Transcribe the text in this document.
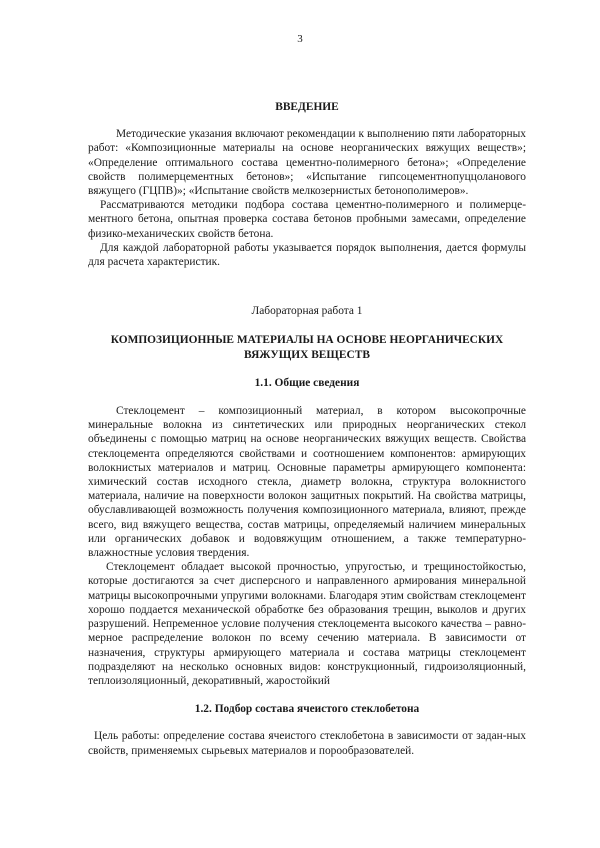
3
ВВЕДЕНИЕ

Методические указания включают рекомендации к выполнению пяти лабораторных работ: «Композиционные материалы на основе неорганических вяжущих веществ»; «Определение оптимального состава цементно-полимерного бетона»; «Определение свойств полимерцементных бетонов»; «Испытание гипсоцементнопуццоланового вяжущего (ГЦПВ)»; «Испытание свойств мелкозернистых бетонополимеров».

Рассматриваются методики подбора состава цементно-полимерного и полимерце-ментного бетона, опытная проверка состава бетонов пробными замесами, определение физико-механических свойств бетона.

Для каждой лабораторной работы указывается порядок выполнения, дается формулы для расчета характеристик.

Лабораторная работа 1
КОМПОЗИЦИОННЫЕ МАТЕРИАЛЫ НА ОСНОВЕ НЕОРГАНИЧЕСКИХ ВЯЖУЩИХ ВЕЩЕСТВ
1.1. Общие сведения

Стеклоцемент – композиционный материал, в котором высокопрочные минеральные волокна из синтетических или природных неорганических стекол объединены с помощью матриц на основе неорганических вяжущих веществ. Свойства стеклоцемента определяются свойствами и соотношением компонентов: армирующих волокнистых материалов и матриц. Основные параметры армирующего компонента: химический состав исходного стекла, диаметр волокна, структура волокнистого материала, наличие на поверхности волокон защитных покрытий. На свойства матрицы, обуславливающей возможность получения композиционного материала, влияют, прежде всего, вид вяжущего вещества, состав матрицы, определяемый наличием минеральных или органических добавок и водовяжущим отношением, а также температурно-влажностные условия твердения.

Стеклоцемент обладает высокой прочностью, упругостью, и трещиностойкостью, которые достигаются за счет дисперсного и направленного армирования минеральной матрицы высокопрочными упругими волокнами. Благодаря этим свойствам стеклоцемент хорошо поддается механической обработке без образования трещин, выколов и других разрушений. Непременное условие получения стеклоцемента высокого качества – равно- мерное распределение волокон по всему сечению материала. В зависимости от назначения, структуры армирующего материала и состава матрицы стеклоцемент подразделяют на несколько основных видов: конструкционный, гидроизоляционный, теплоизоляционный, декоративный, жаростойкий

1.2. Подбор состава ячеистого стеклобетона

Цель работы: определение состава ячеистого стеклобетона в зависимости от задан-ных свойств, применяемых сырьевых материалов и порообразователей.
